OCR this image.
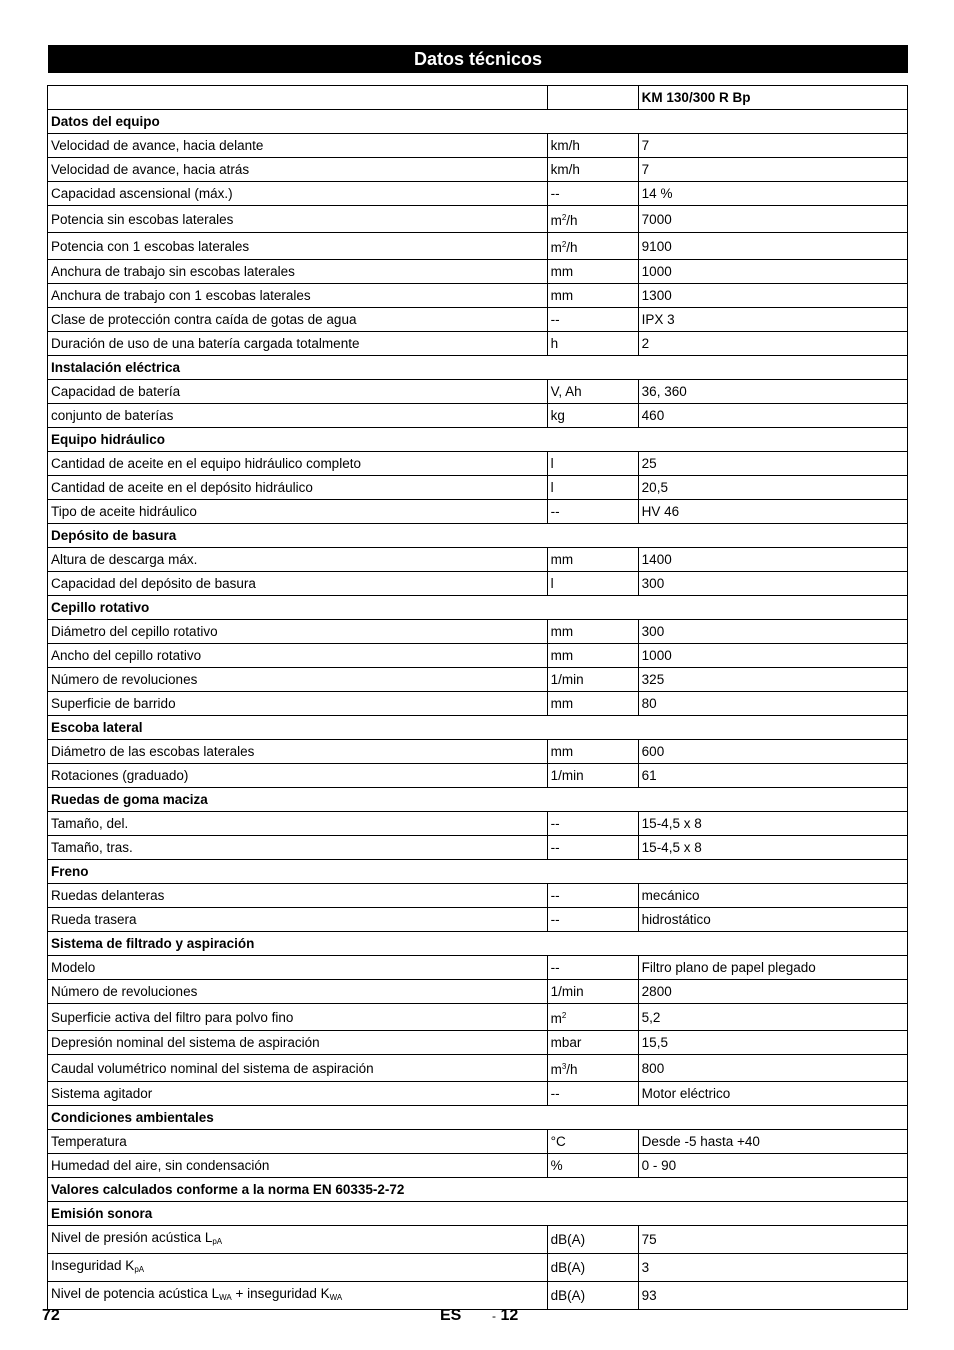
Datos técnicos
		KM 130/300 R Bp
Datos del equipo		
Velocidad de avance, hacia delante	km/h	7
Velocidad de avance, hacia atrás	km/h	7
Capacidad ascensional (máx.)	--	14 %
Potencia sin escobas laterales	$m^2/h$	7000
Potencia con 1 escobas laterales	$m^2/h$	9100
Anchura de trabajo sin escobas laterales	mm	1000
Anchura de trabajo con 1 escobas laterales	mm	1300
Clase de protección contra caída de gotas de agua	--	IPX 3
Duración de uso de una batería cargada totalmente	h	2
Instalación eléctrica		
Capacidad de batería	V, Ah	36, 360
conjunto de baterías	kg	460
Equipo hidráulico		
Cantidad de aceite en el equipo hidráulico completo	l	25
Cantidad de aceite en el depósito hidráulico	l	20,5
Tipo de aceite hidráulico	--	HV 46
Depósito de basura		
Altura de descarga máx.	mm	1400
Capacidad del depósito de basura	l	300
Cepillo rotativo		
Diámetro del cepillo rotativo	mm	300
Ancho del cepillo rotativo	mm	1000
Número de revoluciones	1/min	325
Superficie de barrido	mm	80
Escoba lateral		
Diámetro de las escobas laterales	mm	600
Rotaciones (graduado)	1/min	61
Ruedas de goma maciza		
Tamaño, del.	--	15-4,5 x 8
Tamaño, tras.	--	15-4,5 x 8
Freno		
Ruedas delanteras	--	mecánico
Rueda trasera	--	hidrostático
Sistema de filtrado y aspiración		
Modelo	--	Filtro plano de papel plegado
Número de revoluciones	1/min	2800
Superficie activa del filtro para polvo fino	$m^2$	5,2
Depresión nominal del sistema de aspiración	mbar	15,5
Caudal volumétrico nominal del sistema de aspiración	$m^3/h$	800
Sistema agitador	--	Motor eléctrico
Condiciones ambientales		
Temperatura	°C	Desde -5 hasta +40
Humedad del aire, sin condensación	%	0 - 90
Valores calculados conforme a la norma EN 60335-2-72		
Emisión sonora		
Nivel de presión acústica $L_{pA}$	dB(A)	75
Inseguridad $K_{pA}$	dB(A)	3
Nivel de potencia acústica $L_{WA}$ + inseguridad $K_{WA}$	dB(A)	93
72	ES	- 12
